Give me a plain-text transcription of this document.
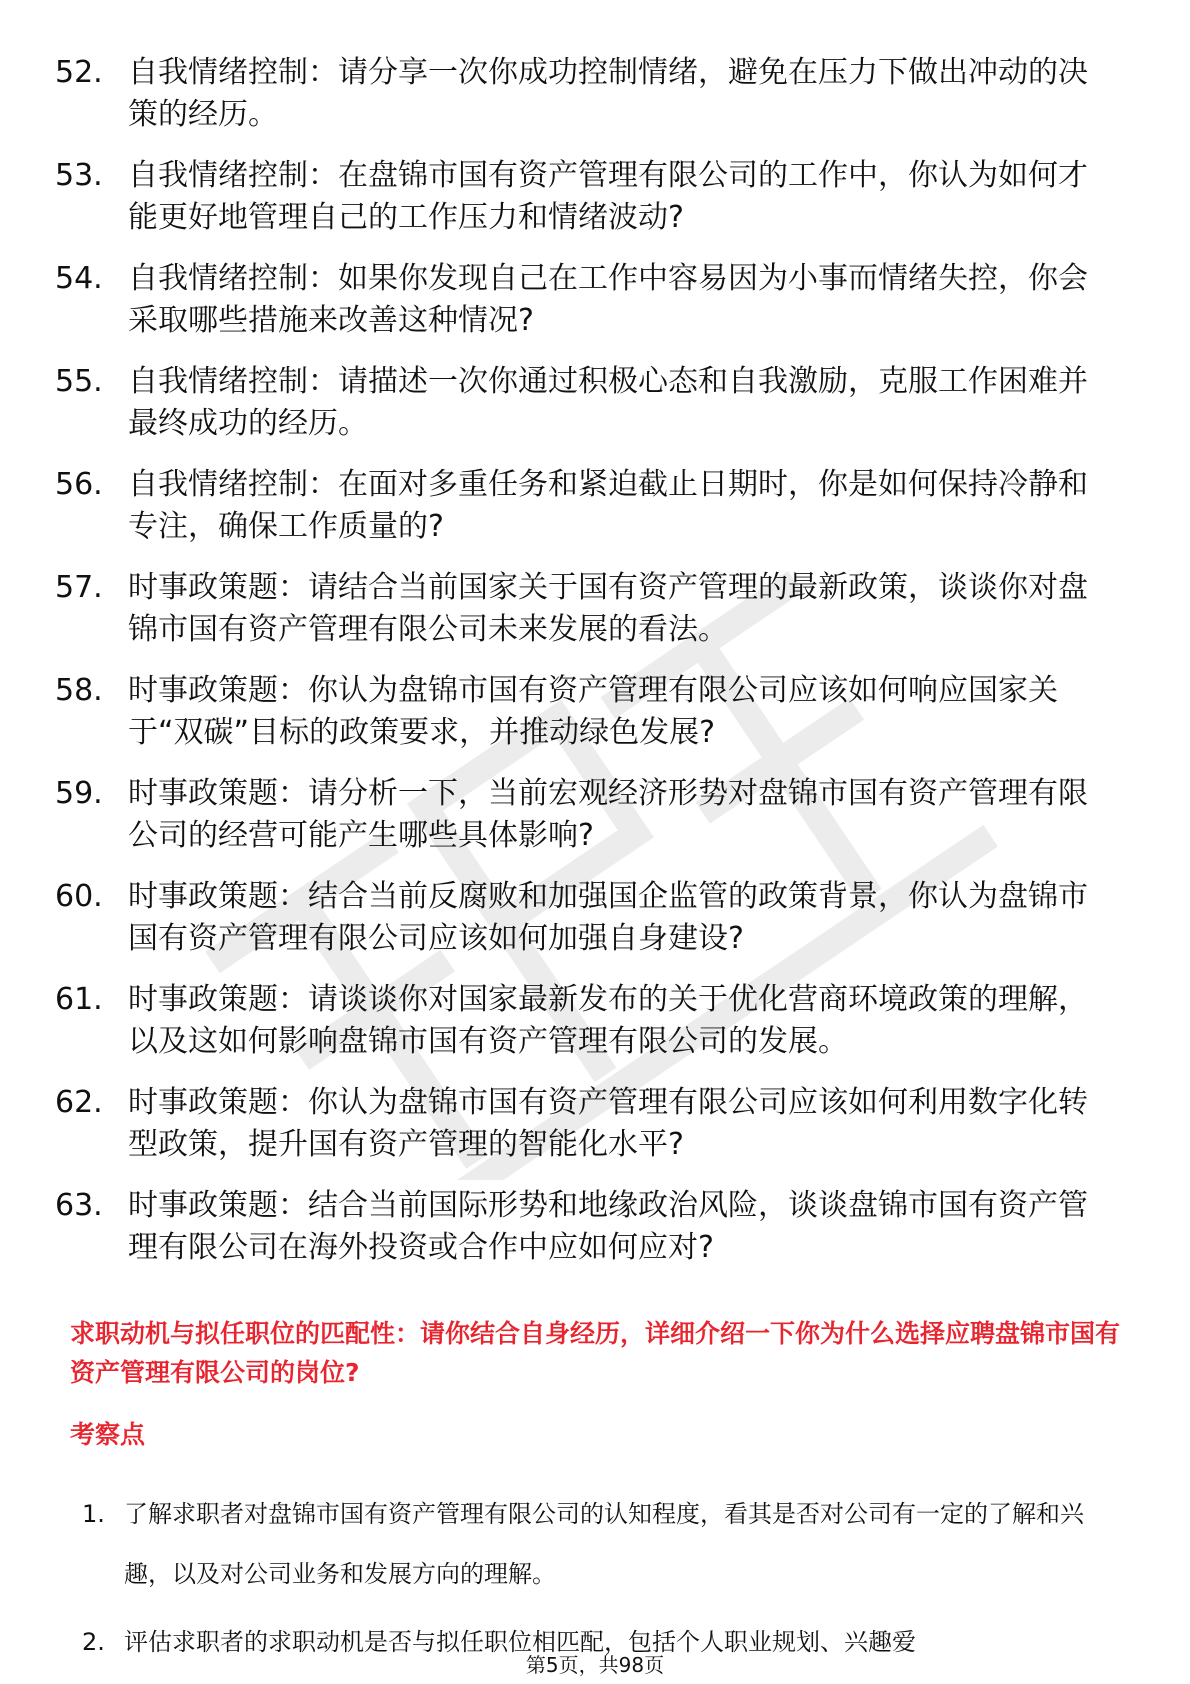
52. 自我情绪控制：请分享一次你成功控制情绪，避免在压力下做出冲动的决策的经历。
53. 自我情绪控制：在盘锦市国有资产管理有限公司的工作中，你认为如何才能更好地管理自己的工作压力和情绪波动?
54. 自我情绪控制：如果你发现自己在工作中容易因为小事而情绪失控，你会采取哪些措施来改善这种情况?
55. 自我情绪控制：请描述一次你通过积极心态和自我激励，克服工作困难并最终成功的经历。
56. 自我情绪控制：在面对多重任务和紧迫截止日期时，你是如何保持冷静和专注，确保工作质量的?
57. 时事政策题：请结合当前国家关于国有资产管理的最新政策，谈谈你对盘锦市国有资产管理有限公司未来发展的看法。
58. 时事政策题：你认为盘锦市国有资产管理有限公司应该如何响应国家关于“双碳”目标的政策要求，并推动绿色发展?
59. 时事政策题：请分析一下，当前宏观经济形势对盘锦市国有资产管理有限公司的经营可能产生哪些具体影响?
60. 时事政策题：结合当前反腐败和加强国企监管的政策背景，你认为盘锦市国有资产管理有限公司应该如何加强自身建设?
61. 时事政策题：请谈谈你对国家最新发布的关于优化营商环境政策的理解，以及这如何影响盘锦市国有资产管理有限公司的发展。
62. 时事政策题：你认为盘锦市国有资产管理有限公司应该如何利用数字化转型政策，提升国有资产管理的智能化水平?
63. 时事政策题：结合当前国际形势和地缘政治风险，谈谈盘锦市国有资产管理有限公司在海外投资或合作中应如何应对?
求职动机与拟任职位的匹配性：请你结合自身经历，详细介绍一下你为什么选择应聘盘锦市国有资产管理有限公司的岗位?
考察点
1. 了解求职者对盘锦市国有资产管理有限公司的认知程度，看其是否对公司有一定的了解和兴趣，以及对公司业务和发展方向的理解。
2. 评估求职者的求职动机是否与拟任职位相匹配，包括个人职业规划、兴趣爱
第5页，共98页
